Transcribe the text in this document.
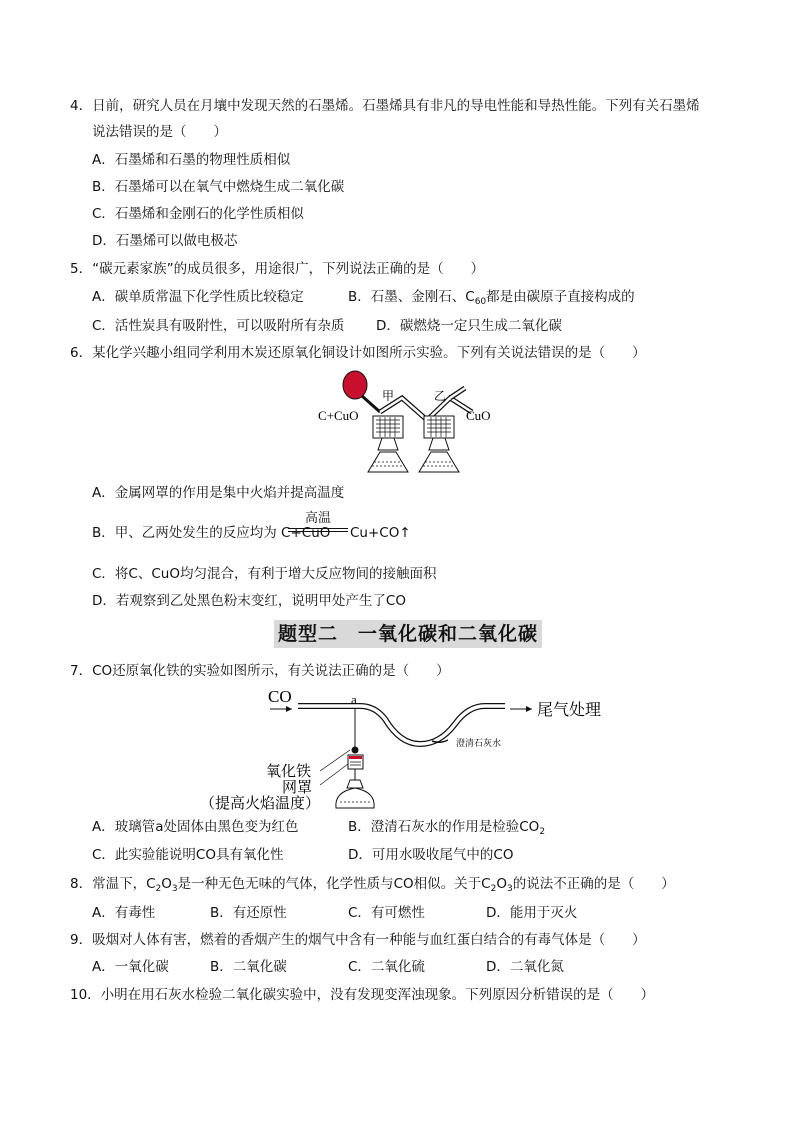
4．日前，研究人员在月壤中发现天然的石墨烯。石墨烯具有非凡的导电性能和导热性能。下列有关石墨烯
说法错误的是（　　）
A．石墨烯和石墨的物理性质相似
B．石墨烯可以在氧气中燃烧生成二氧化碳
C．石墨烯和金刚石的化学性质相似
D．石墨烯可以做电极芯
5．“碳元素家族”的成员很多，用途很广，下列说法正确的是（　　）
A．碳单质常温下化学性质比较稳定	B．石墨、金刚石、$C_{60}$都是由碳原子直接构成的
C．活性炭具有吸附性，可以吸附所有杂质 D．碳燃烧一定只生成二氧化碳
6．某化学兴趣小组同学利用木炭还原氧化铜设计如图所示实验。下列有关说法错误的是（　　）
C+CuO	CuO
甲	乙
A．金属网罩的作用是集中火焰并提高温度
B．甲、乙两处发生的反应均为 C+CuO
高温
Cu+CO↑
C．将C、CuO均匀混合，有利于增大反应物间的接触面积
D．若观察到乙处黑色粉末变红，说明甲处产生了CO
题型二　一氧化碳和二氧化碳
7．CO还原氧化铁的实验如图所示，有关说法正确的是（　　）
CO	a
尾气处理
氧化铁
网罩
（提高火焰温度）
澄清石灰水
A．玻璃管a处固体由黑色变为红色	B．澄清石灰水的作用是检验$CO_2$
C．此实验能说明CO具有氧化性	D．可用水吸收尾气中的CO
8．常温下，$C_2O_3$是一种无色无味的气体，化学性质与CO相似。关于$C_2O_3$的说法不正确的是（　　）
A．有毒性	B．有还原性	C．有可燃性	D．能用于灭火
9．吸烟对人体有害，燃着的香烟产生的烟气中含有一种能与血红蛋白结合的有毒气体是（　　）
A．一氧化碳	B．二氧化碳	C．二氧化硫	D．二氧化氮
10．小明在用石灰水检验二氧化碳实验中，没有发现变浑浊现象。下列原因分析错误的是（　　）
